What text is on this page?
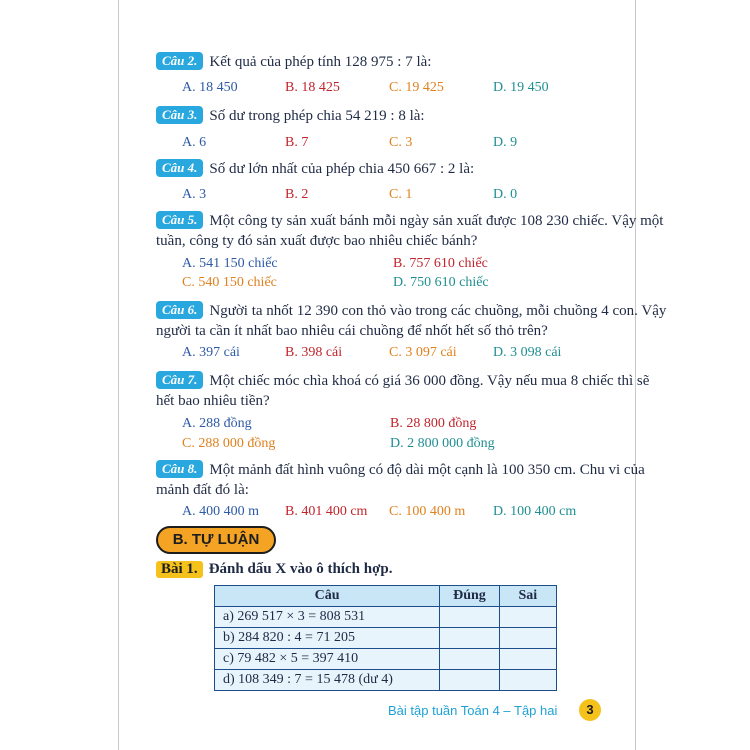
Câu 2. Kết quả của phép tính 128 975 : 7 là:
A. 18 450	B. 18 425	C. 19 425	D. 19 450
Câu 3. Số dư trong phép chia 54 219 : 8 là:
A. 6	B. 7	C. 3	D. 9
Câu 4. Số dư lớn nhất của phép chia 450 667 : 2 là:
A. 3	B. 2	C. 1	D. 0
Câu 5. Một công ty sản xuất bánh mỗi ngày sản xuất được 108 230 chiếc. Vậy một
tuần, công ty đó sản xuất được bao nhiêu chiếc bánh?
A. 541 150 chiếc	B. 757 610 chiếc
C. 540 150 chiếc	D. 750 610 chiếc
Câu 6. Người ta nhốt 12 390 con thỏ vào trong các chuồng, mỗi chuồng 4 con. Vậy
người ta cần ít nhất bao nhiêu cái chuồng để nhốt hết số thỏ trên?
A. 397 cái	B. 398 cái	C. 3 097 cái	D. 3 098 cái
Câu 7. Một chiếc móc chìa khoá có giá 36 000 đồng. Vậy nếu mua 8 chiếc thì sẽ
hết bao nhiêu tiền?
A. 288 đồng	B. 28 800 đồng
C. 288 000 đồng	D. 2 800 000 đồng
Câu 8. Một mảnh đất hình vuông có độ dài một cạnh là 100 350 cm. Chu vi của
mảnh đất đó là:
A. 400 400 m B. 401 400 cm C. 100 400 m D. 100 400 cm
B. TỰ LUẬN
Bài 1. Đánh dấu X vào ô thích hợp.
Câu	Đúng	Sai
a) 269 517 × 3 = 808 531		
b) 284 820 : 4 = 71 205		
c) 79 482 × 5 = 397 410		
d) 108 349 : 7 = 15 478 (dư 4)		
Bài tập tuần Toán 4 – Tập hai	3
